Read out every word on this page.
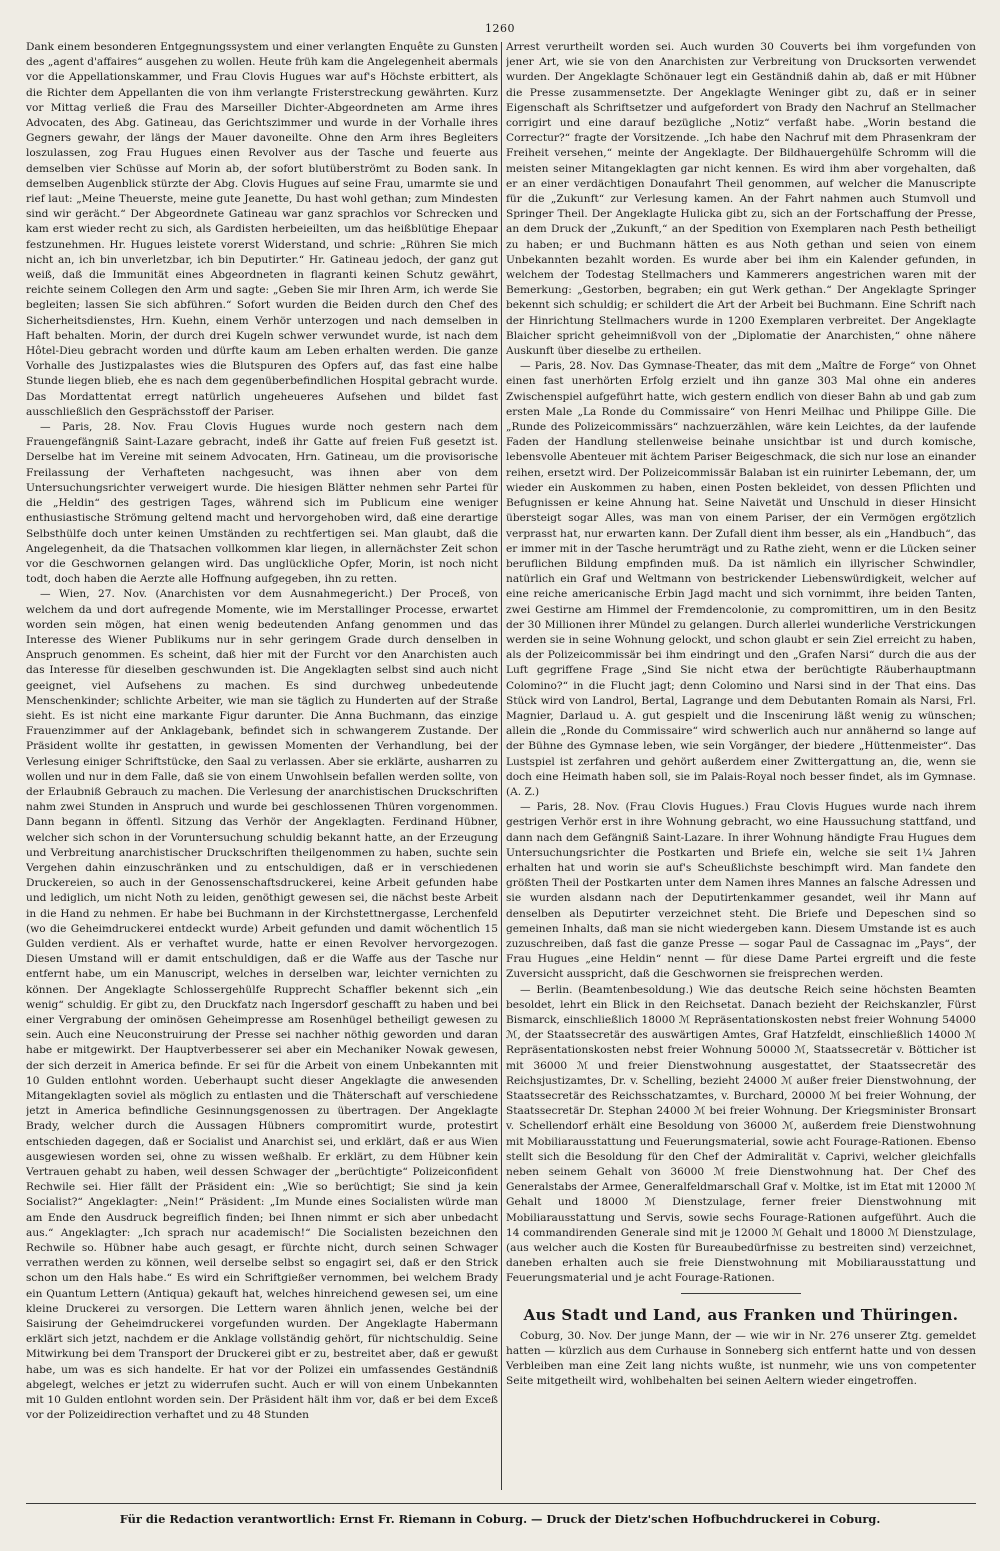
1260

Dank einem besonderen Entgegnungssystem und einer verlangten Enquête zu Gunsten des „agent d'affaires“ ausgehen zu wollen. Heute früh kam die Angelegenheit abermals vor die Appellationskammer, und Frau Clovis Hugues war auf's Höchste erbittert, als die Richter dem Appellanten die von ihm verlangte Fristerstreckung gewährten. Kurz vor Mittag verließ die Frau des Marseiller Dichter-Abgeordneten am Arme ihres Advocaten, des Abg. Gatineau, das Gerichtszimmer und wurde in der Vorhalle ihres Gegners gewahr, der längs der Mauer davoneilte. Ohne den Arm ihres Begleiters loszulassen, zog Frau Hugues einen Revolver aus der Tasche und feuerte aus demselben vier Schüsse auf Morin ab, der sofort blutüberströmt zu Boden sank. In demselben Augenblick stürzte der Abg. Clovis Hugues auf seine Frau, umarmte sie und rief laut: „Meine Theuerste, meine gute Jeanette, Du hast wohl gethan; zum Mindesten sind wir gerächt.“ Der Abgeordnete Gatineau war ganz sprachlos vor Schrecken und kam erst wieder recht zu sich, als Gardisten herbeieilten, um das heißblütige Ehepaar festzunehmen. Hr. Hugues leistete vorerst Widerstand, und schrie: „Rühren Sie mich nicht an, ich bin unverletzbar, ich bin Deputirter.“ Hr. Gatineau jedoch, der ganz gut weiß, daß die Immunität eines Abgeordneten in flagranti keinen Schutz gewährt, reichte seinem Collegen den Arm und sagte: „Geben Sie mir Ihren Arm, ich werde Sie begleiten; lassen Sie sich abführen.“ Sofort wurden die Beiden durch den Chef des Sicherheitsdienstes, Hrn. Kuehn, einem Verhör unterzogen und nach demselben in Haft behalten. Morin, der durch drei Kugeln schwer verwundet wurde, ist nach dem Hôtel-Dieu gebracht worden und dürfte kaum am Leben erhalten werden. Die ganze Vorhalle des Justizpalastes wies die Blutspuren des Opfers auf, das fast eine halbe Stunde liegen blieb, ehe es nach dem gegenüberbefindlichen Hospital gebracht wurde. Das Mordattentat erregt natürlich ungeheueres Aufsehen und bildet fast ausschließlich den Gesprächsstoff der Pariser.

— Paris, 28. Nov. Frau Clovis Hugues wurde noch gestern nach dem Frauengefängniß Saint-Lazare gebracht, indeß ihr Gatte auf freien Fuß gesetzt ist. Derselbe hat im Vereine mit seinem Advocaten, Hrn. Gatineau, um die provisorische Freilassung der Verhafteten nachgesucht, was ihnen aber von dem Untersuchungsrichter verweigert wurde. Die hiesigen Blätter nehmen sehr Partei für die „Heldin“ des gestrigen Tages, während sich im Publicum eine weniger enthusiastische Strömung geltend macht und hervorgehoben wird, daß eine derartige Selbsthülfe doch unter keinen Umständen zu rechtfertigen sei. Man glaubt, daß die Angelegenheit, da die Thatsachen vollkommen klar liegen, in allernächster Zeit schon vor die Geschwornen gelangen wird. Das unglückliche Opfer, Morin, ist noch nicht todt, doch haben die Aerzte alle Hoffnung aufgegeben, ihn zu retten.

— Wien, 27. Nov. (Anarchisten vor dem Ausnahmegericht.) Der Proceß, von welchem da und dort aufregende Momente, wie im Merstallinger Processe, erwartet worden sein mögen, hat einen wenig bedeutenden Anfang genommen und das Interesse des Wiener Publikums nur in sehr geringem Grade durch denselben in Anspruch genommen. Es scheint, daß hier mit der Furcht vor den Anarchisten auch das Interesse für dieselben geschwunden ist. Die Angeklagten selbst sind auch nicht geeignet, viel Aufsehens zu machen. Es sind durchweg unbedeutende Menschenkinder; schlichte Arbeiter, wie man sie täglich zu Hunderten auf der Straße sieht. Es ist nicht eine markante Figur darunter. Die Anna Buchmann, das einzige Frauenzimmer auf der Anklagebank, befindet sich in schwangerem Zustande. Der Präsident wollte ihr gestatten, in gewissen Momenten der Verhandlung, bei der Verlesung einiger Schriftstücke, den Saal zu verlassen. Aber sie erklärte, ausharren zu wollen und nur in dem Falle, daß sie von einem Unwohlsein befallen werden sollte, von der Erlaubniß Gebrauch zu machen. Die Verlesung der anarchistischen Druckschriften nahm zwei Stunden in Anspruch und wurde bei geschlossenen Thüren vorgenommen. Dann begann in öffentl. Sitzung das Verhör der Angeklagten. Ferdinand Hübner, welcher sich schon in der Voruntersuchung schuldig bekannt hatte, an der Erzeugung und Verbreitung anarchistischer Druckschriften theilgenommen zu haben, suchte sein Vergehen dahin einzuschränken und zu entschuldigen, daß er in verschiedenen Druckereien, so auch in der Genossenschaftsdruckerei, keine Arbeit gefunden habe und lediglich, um nicht Noth zu leiden, genöthigt gewesen sei, die nächst beste Arbeit in die Hand zu nehmen. Er habe bei Buchmann in der Kirchstettnergasse, Lerchenfeld (wo die Geheimdruckerei entdeckt wurde) Arbeit gefunden und damit wöchentlich 15 Gulden verdient. Als er verhaftet wurde, hatte er einen Revolver hervorgezogen. Diesen Umstand will er damit entschuldigen, daß er die Waffe aus der Tasche nur entfernt habe, um ein Manuscript, welches in derselben war, leichter vernichten zu können. Der Angeklagte Schlossergehülfe Rupprecht Schaffler bekennt sich „ein wenig“ schuldig. Er gibt zu, den Druckfatz nach Ingersdorf geschafft zu haben und bei einer Vergrabung der ominösen Geheimpresse am Rosenhügel betheiligt gewesen zu sein. Auch eine Neuconstruirung der Presse sei nachher nöthig geworden und daran habe er mitgewirkt. Der Hauptverbesserer sei aber ein Mechaniker Nowak gewesen, der sich derzeit in America befinde. Er sei für die Arbeit von einem Unbekannten mit 10 Gulden entlohnt worden. Ueberhaupt sucht dieser Angeklagte die anwesenden Mitangeklagten soviel als möglich zu entlasten und die Thäterschaft auf verschiedene jetzt in America befindliche Gesinnungsgenossen zu übertragen. Der Angeklagte Brady, welcher durch die Aussagen Hübners compromitirt wurde, protestirt entschieden dagegen, daß er Socialist und Anarchist sei, und erklärt, daß er aus Wien ausgewiesen worden sei, ohne zu wissen weßhalb. Er erklärt, zu dem Hübner kein Vertrauen gehabt zu haben, weil dessen Schwager der „berüchtigte“ Polizeiconfident Rechwile sei. Hier fällt der Präsident ein: „Wie so berüchtigt; Sie sind ja kein Socialist?“ Angeklagter: „Nein!“ Präsident: „Im Munde eines Socialisten würde man am Ende den Ausdruck begreiflich finden; bei Ihnen nimmt er sich aber unbedacht aus.“ Angeklagter: „Ich sprach nur academisch!“ Die Socialisten bezeichnen den Rechwile so. Hübner habe auch gesagt, er fürchte nicht, durch seinen Schwager verrathen werden zu können, weil derselbe selbst so engagirt sei, daß er den Strick schon um den Hals habe.“ Es wird ein Schriftgießer vernommen, bei welchem Brady ein Quantum Lettern (Antiqua) gekauft hat, welches hinreichend gewesen sei, um eine kleine Druckerei zu versorgen. Die Lettern waren ähnlich jenen, welche bei der Saisirung der Geheimdruckerei vorgefunden wurden. Der Angeklagte Habermann erklärt sich jetzt, nachdem er die Anklage vollständig gehört, für nichtschuldig. Seine Mitwirkung bei dem Transport der Druckerei gibt er zu, bestreitet aber, daß er gewußt habe, um was es sich handelte. Er hat vor der Polizei ein umfassendes Geständniß abgelegt, welches er jetzt zu widerrufen sucht. Auch er will von einem Unbekannten mit 10 Gulden entlohnt worden sein. Der Präsident hält ihm vor, daß er bei dem Exceß vor der Polizeidirection verhaftet und zu 48 Stunden

Arrest verurtheilt worden sei. Auch wurden 30 Couverts bei ihm vorgefunden von jener Art, wie sie von den Anarchisten zur Verbreitung von Drucksorten verwendet wurden. Der Angeklagte Schönauer legt ein Geständniß dahin ab, daß er mit Hübner die Presse zusammensetzte. Der Angeklagte Weninger gibt zu, daß er in seiner Eigenschaft als Schriftsetzer und aufgefordert von Brady den Nachruf an Stellmacher corrigirt und eine darauf bezügliche „Notiz“ verfaßt habe. „Worin bestand die Correctur?“ fragte der Vorsitzende. „Ich habe den Nachruf mit dem Phrasenkram der Freiheit versehen,“ meinte der Angeklagte. Der Bildhauergehülfe Schromm will die meisten seiner Mitangeklagten gar nicht kennen. Es wird ihm aber vorgehalten, daß er an einer verdächtigen Donaufahrt Theil genommen, auf welcher die Manuscripte für die „Zukunft“ zur Verlesung kamen. An der Fahrt nahmen auch Stumvoll und Springer Theil. Der Angeklagte Hulicka gibt zu, sich an der Fortschaffung der Presse, an dem Druck der „Zukunft,“ an der Spedition von Exemplaren nach Pesth betheiligt zu haben; er und Buchmann hätten es aus Noth gethan und seien von einem Unbekannten bezahlt worden. Es wurde aber bei ihm ein Kalender gefunden, in welchem der Todestag Stellmachers und Kammerers angestrichen waren mit der Bemerkung: „Gestorben, begraben; ein gut Werk gethan.“ Der Angeklagte Springer bekennt sich schuldig; er schildert die Art der Arbeit bei Buchmann. Eine Schrift nach der Hinrichtung Stellmachers wurde in 1200 Exemplaren verbreitet. Der Angeklagte Blaicher spricht geheimnißvoll von der „Diplomatie der Anarchisten,“ ohne nähere Auskunft über dieselbe zu ertheilen.

— Paris, 28. Nov. Das Gymnase-Theater, das mit dem „Maître de Forge“ von Ohnet einen fast unerhörten Erfolg erzielt und ihn ganze 303 Mal ohne ein anderes Zwischenspiel aufgeführt hatte, wich gestern endlich von dieser Bahn ab und gab zum ersten Male „La Ronde du Commissaire“ von Henri Meilhac und Philippe Gille. Die „Runde des Polizeicommissärs“ nachzuerzählen, wäre kein Leichtes, da der laufende Faden der Handlung stellenweise beinahe unsichtbar ist und durch komische, lebensvolle Abenteuer mit ächtem Pariser Beigeschmack, die sich nur lose an einander reihen, ersetzt wird. Der Polizeicommissär Balaban ist ein ruinirter Lebemann, der, um wieder ein Auskommen zu haben, einen Posten bekleidet, von dessen Pflichten und Befugnissen er keine Ahnung hat. Seine Naivetät und Unschuld in dieser Hinsicht übersteigt sogar Alles, was man von einem Pariser, der ein Vermögen ergötzlich verprasst hat, nur erwarten kann. Der Zufall dient ihm besser, als ein „Handbuch“, das er immer mit in der Tasche herumträgt und zu Rathe zieht, wenn er die Lücken seiner beruflichen Bildung empfinden muß. Da ist nämlich ein illyrischer Schwindler, natürlich ein Graf und Weltmann von bestrickender Liebenswürdigkeit, welcher auf eine reiche americanische Erbin Jagd macht und sich vornimmt, ihre beiden Tanten, zwei Gestirne am Himmel der Fremdencolonie, zu compromittiren, um in den Besitz der 30 Millionen ihrer Mündel zu gelangen. Durch allerlei wunderliche Verstrickungen werden sie in seine Wohnung gelockt, und schon glaubt er sein Ziel erreicht zu haben, als der Polizeicommissär bei ihm eindringt und den „Grafen Narsi“ durch die aus der Luft gegriffene Frage „Sind Sie nicht etwa der berüchtigte Räuberhauptmann Colomino?“ in die Flucht jagt; denn Colomino und Narsi sind in der That eins. Das Stück wird von Landrol, Bertal, Lagrange und dem Debutanten Romain als Narsi, Frl. Magnier, Darlaud u. A. gut gespielt und die Inscenirung läßt wenig zu wünschen; allein die „Ronde du Commissaire“ wird schwerlich auch nur annähernd so lange auf der Bühne des Gymnase leben, wie sein Vorgänger, der biedere „Hüttenmeister“. Das Lustspiel ist zerfahren und gehört außerdem einer Zwittergattung an, die, wenn sie doch eine Heimath haben soll, sie im Palais-Royal noch besser findet, als im Gymnase. (A. Z.)

— Paris, 28. Nov. (Frau Clovis Hugues.) Frau Clovis Hugues wurde nach ihrem gestrigen Verhör erst in ihre Wohnung gebracht, wo eine Haussuchung stattfand, und dann nach dem Gefängniß Saint-Lazare. In ihrer Wohnung händigte Frau Hugues dem Untersuchungsrichter die Postkarten und Briefe ein, welche sie seit 1¼ Jahren erhalten hat und worin sie auf's Scheußlichste beschimpft wird. Man fandete den größten Theil der Postkarten unter dem Namen ihres Mannes an falsche Adressen und sie wurden alsdann nach der Deputirtenkammer gesandet, weil ihr Mann auf denselben als Deputirter verzeichnet steht. Die Briefe und Depeschen sind so gemeinen Inhalts, daß man sie nicht wiedergeben kann. Diesem Umstande ist es auch zuzuschreiben, daß fast die ganze Presse — sogar Paul de Cassagnac im „Pays“, der Frau Hugues „eine Heldin“ nennt — für diese Dame Partei ergreift und die feste Zuversicht ausspricht, daß die Geschwornen sie freisprechen werden.

— Berlin. (Beamtenbesoldung.) Wie das deutsche Reich seine höchsten Beamten besoldet, lehrt ein Blick in den Reichsetat. Danach bezieht der Reichskanzler, Fürst Bismarck, einschließlich 18000 ℳ Repräsentationskosten nebst freier Wohnung 54000 ℳ, der Staatssecretär des auswärtigen Amtes, Graf Hatzfeldt, einschließlich 14000 ℳ Repräsentationskosten nebst freier Wohnung 50000 ℳ, Staatssecretär v. Bötticher ist mit 36000 ℳ und freier Dienstwohnung ausgestattet, der Staatssecretär des Reichsjustizamtes, Dr. v. Schelling, bezieht 24000 ℳ außer freier Dienstwohnung, der Staatssecretär des Reichsschatzamtes, v. Burchard, 20000 ℳ bei freier Wohnung, der Staatssecretär Dr. Stephan 24000 ℳ bei freier Wohnung. Der Kriegsminister Bronsart v. Schellendorf erhält eine Besoldung von 36000 ℳ, außerdem freie Dienstwohnung mit Mobiliarausstattung und Feuerungsmaterial, sowie acht Fourage-Rationen. Ebenso stellt sich die Besoldung für den Chef der Admiralität v. Caprivi, welcher gleichfalls neben seinem Gehalt von 36000 ℳ freie Dienstwohnung hat. Der Chef des Generalstabs der Armee, Generalfeldmarschall Graf v. Moltke, ist im Etat mit 12000 ℳ Gehalt und 18000 ℳ Dienstzulage, ferner freier Dienstwohnung mit Mobiliarausstattung und Servis, sowie sechs Fourage-Rationen aufgeführt. Auch die 14 commandirenden Generale sind mit je 12000 ℳ Gehalt und 18000 ℳ Dienstzulage, (aus welcher auch die Kosten für Bureaubedürfnisse zu bestreiten sind) verzeichnet, daneben erhalten auch sie freie Dienstwohnung mit Mobiliarausstattung und Feuerungsmaterial und je acht Fourage-Rationen.

Aus Stadt und Land, aus Franken und Thüringen.

Coburg, 30. Nov. Der junge Mann, der — wie wir in Nr. 276 unserer Ztg. gemeldet hatten — kürzlich aus dem Curhause in Sonneberg sich entfernt hatte und von dessen Verbleiben man eine Zeit lang nichts wußte, ist nunmehr, wie uns von competenter Seite mitgetheilt wird, wohlbehalten bei seinen Aeltern wieder eingetroffen.

Für die Redaction verantwortlich: Ernst Fr. Riemann in Coburg. — Druck der Dietz'schen Hofbuchdruckerei in Coburg.
